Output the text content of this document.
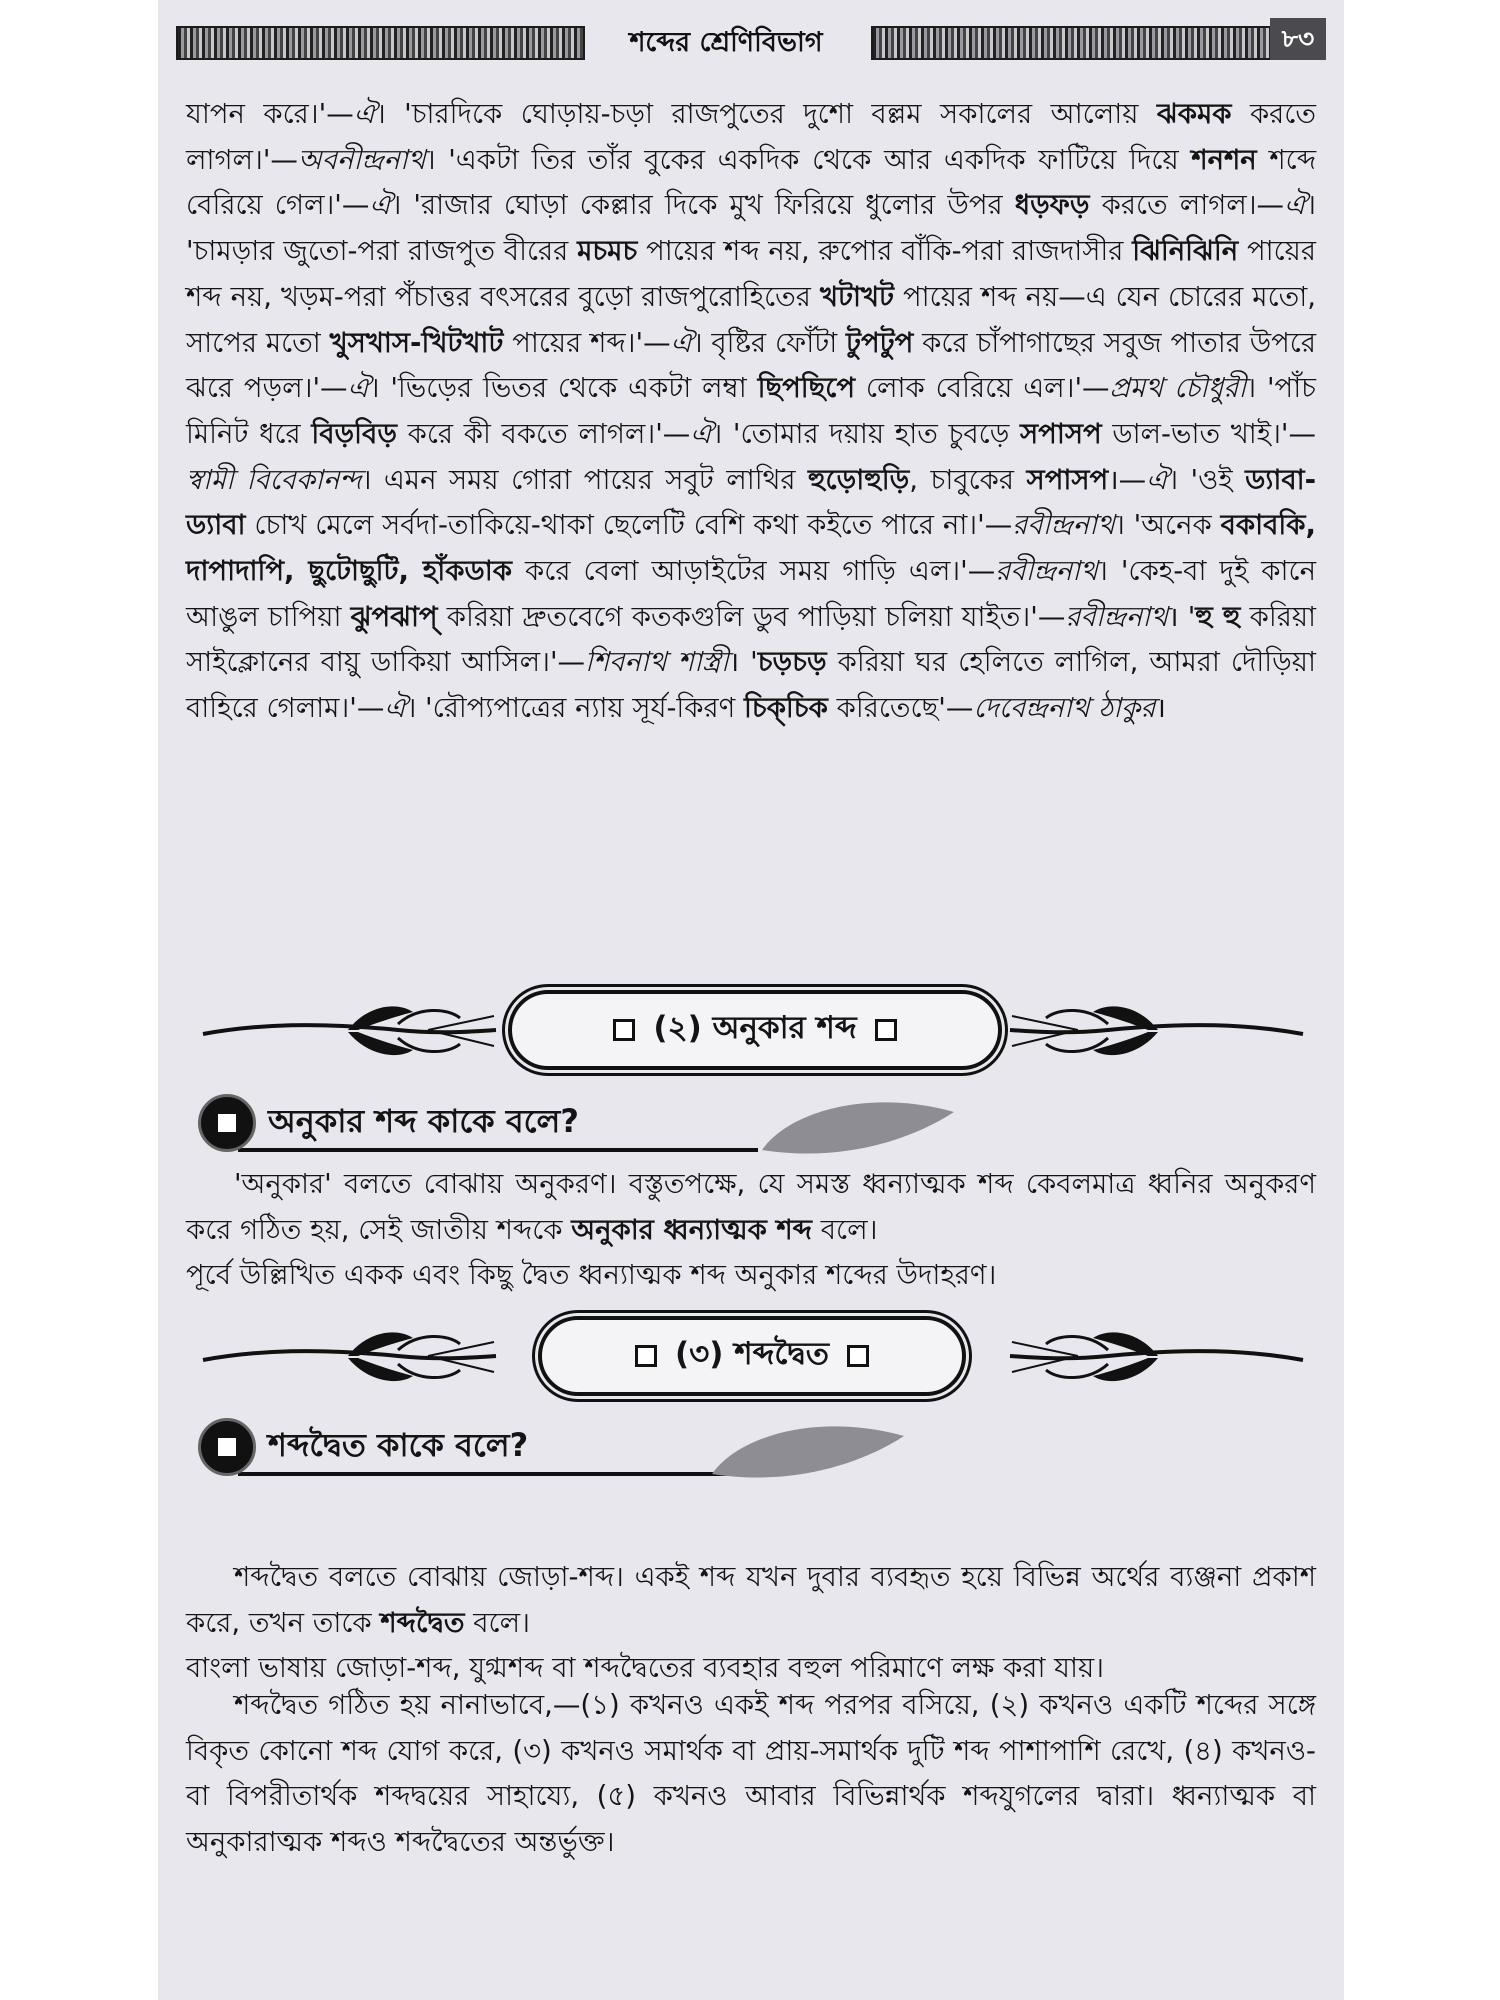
শব্দের শ্রেণিবিভাগ	৮৩
যাপন করে।'—ঐ। 'চারদিকে ঘোড়ায়-চড়া রাজপুতের দুশো বল্লম সকালের আলোয় ঝকমক করতে লাগল।'—অবনীন্দ্রনাথ। 'একটা তির তাঁর বুকের একদিক থেকে আর একদিক ফাটিয়ে দিয়ে শনশন শব্দে বেরিয়ে গেল।'—ঐ। 'রাজার ঘোড়া কেল্লার দিকে মুখ ফিরিয়ে ধুলোর উপর ধড়ফড় করতে লাগল।—ঐ। 'চামড়ার জুতো-পরা রাজপুত বীরের মচমচ পায়ের শব্দ নয়, রুপোর বাঁকি-পরা রাজদাসীর ঝিনিঝিনি পায়ের শব্দ নয়, খড়ম-পরা পঁচাত্তর বৎসরের বুড়ো রাজপুরোহিতের খটাখট পায়ের শব্দ নয়—এ যেন চোরের মতো, সাপের মতো খুসখাস-খিটখাট পায়ের শব্দ।'—ঐ। বৃষ্টির ফোঁটা টুপটুপ করে চাঁপাগাছের সবুজ পাতার উপরে ঝরে পড়ল।'—ঐ। 'ভিড়ের ভিতর থেকে একটা লম্বা ছিপছিপে লোক বেরিয়ে এল।'—প্রমথ চৌধুরী। 'পাঁচ মিনিট ধরে বিড়বিড় করে কী বকতে লাগল।'—ঐ। 'তোমার দয়ায় হাত চুবড়ে সপাসপ ডাল-ভাত খাই।'—স্বামী বিবেকানন্দ। এমন সময় গোরা পায়ের সবুট লাথির হুড়োহুড়ি, চাবুকের সপাসপ।—ঐ। 'ওই ড্যাবা-ড্যাবা চোখ মেলে সর্বদা-তাকিয়ে-থাকা ছেলেটি বেশি কথা কইতে পারে না।'—রবীন্দ্রনাথ। 'অনেক বকাবকি, দাপাদাপি, ছুটোছুটি, হাঁকডাক করে বেলা আড়াইটের সময় গাড়ি এল।'—রবীন্দ্রনাথ। 'কেহ-বা দুই কানে আঙুল চাপিয়া ঝুপঝাপ্ করিয়া দ্রুতবেগে কতকগুলি ডুব পাড়িয়া চলিয়া যাইত।'—রবীন্দ্রনাথ। 'হু হু করিয়া সাইক্লোনের বায়ু ডাকিয়া আসিল।'—শিবনাথ শাস্ত্রী। 'চড়চড় করিয়া ঘর হেলিতে লাগিল, আমরা দৌড়িয়া বাহিরে গেলাম।'—ঐ। 'রৌপ্যপাত্রের ন্যায় সূর্য-কিরণ চিক্‌চিক করিতেছে'—দেবেন্দ্রনাথ ঠাকুর।
(২) অনুকার শব্দ
অনুকার শব্দ কাকে বলে?
'অনুকার' বলতে বোঝায় অনুকরণ। বস্তুতপক্ষে, যে সমস্ত ধ্বন্যাত্মক শব্দ কেবলমাত্র ধ্বনির অনুকরণ করে গঠিত হয়, সেই জাতীয় শব্দকে অনুকার ধ্বন্যাত্মক শব্দ বলে।
পূর্বে উল্লিখিত একক এবং কিছু দ্বৈত ধ্বন্যাত্মক শব্দ অনুকার শব্দের উদাহরণ।
(৩) শব্দদ্বৈত
শব্দদ্বৈত কাকে বলে?
শব্দদ্বৈত বলতে বোঝায় জোড়া-শব্দ। একই শব্দ যখন দুবার ব্যবহৃত হয়ে বিভিন্ন অর্থের ব্যঞ্জনা প্রকাশ করে, তখন তাকে শব্দদ্বৈত বলে।
বাংলা ভাষায় জোড়া-শব্দ, যুগ্মশব্দ বা শব্দদ্বৈতের ব্যবহার বহুল পরিমাণে লক্ষ করা যায়।
শব্দদ্বৈত গঠিত হয় নানাভাবে,—(১) কখনও একই শব্দ পরপর বসিয়ে, (২) কখনও একটি শব্দের সঙ্গে বিকৃত কোনো শব্দ যোগ করে, (৩) কখনও সমার্থক বা প্রায়-সমার্থক দুটি শব্দ পাশাপাশি রেখে, (৪) কখনও-বা বিপরীতার্থক শব্দদ্বয়ের সাহায্যে, (৫) কখনও আবার বিভিন্নার্থক শব্দযুগলের দ্বারা। ধ্বন্যাত্মক বা অনুকারাত্মক শব্দও শব্দদ্বৈতের অন্তর্ভুক্ত।
